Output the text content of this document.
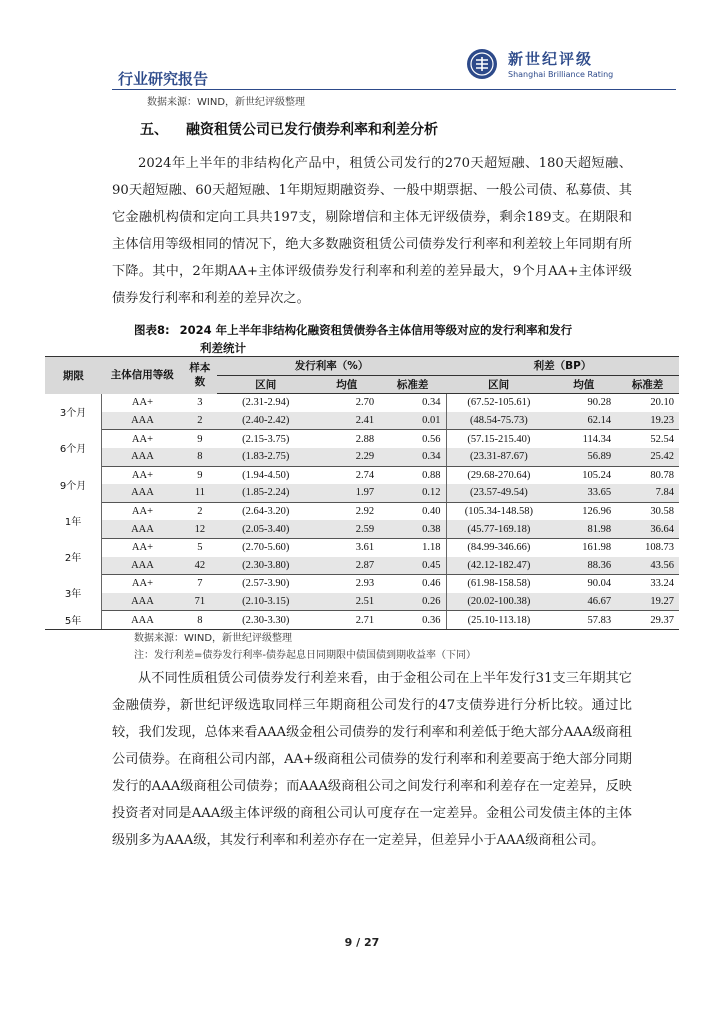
行业研究报告
新世纪评级
Shanghai Brilliance Rating
数据来源：WIND，新世纪评级整理
五、 融资租赁公司已发行债券利率和利差分析
2024年上半年的非结构化产品中，租赁公司发行的270天超短融、180天超短融、90天超短融、60天超短融、1年期短期融资券、一般中期票据、一般公司债、私募债、其它金融机构债和定向工具共197支，剔除增信和主体无评级债券，剩余189支。在期限和主体信用等级相同的情况下，绝大多数融资租赁公司债券发行利率和利差较上年同期有所下降。其中，2年期AA+主体评级债券发行利率和利差的差异最大，9个月AA+主体评级债券发行利率和利差的差异次之。
图表8: 2024 年上半年非结构化融资租赁债券各主体信用等级对应的发行利率和发行
利差统计
期限	主体信用等级	样本数	发行利率（%）			利差（BP）		
			区间	均值	标准差	区间	均值	标准差
3个月	AA+	3	(2.31-2.94)	2.70	0.34	(67.52-105.61)	90.28	20.10
	AAA	2	(2.40-2.42)	2.41	0.01	(48.54-75.73)	62.14	19.23
6个月	AA+	9	(2.15-3.75)	2.88	0.56	(57.15-215.40)	114.34	52.54
	AAA	8	(1.83-2.75)	2.29	0.34	(23.31-87.67)	56.89	25.42
9个月	AA+	9	(1.94-4.50)	2.74	0.88	(29.68-270.64)	105.24	80.78
	AAA	11	(1.85-2.24)	1.97	0.12	(23.57-49.54)	33.65	7.84
1年	AA+	2	(2.64-3.20)	2.92	0.40	(105.34-148.58)	126.96	30.58
	AAA	12	(2.05-3.40)	2.59	0.38	(45.77-169.18)	81.98	36.64
2年	AA+	5	(2.70-5.60)	3.61	1.18	(84.99-346.66)	161.98	108.73
	AAA	42	(2.30-3.80)	2.87	0.45	(42.12-182.47)	88.36	43.56
3年	AA+	7	(2.57-3.90)	2.93	0.46	(61.98-158.58)	90.04	33.24
	AAA	71	(2.10-3.15)	2.51	0.26	(20.02-100.38)	46.67	19.27
5年	AAA	8	(2.30-3.30)	2.71	0.36	(25.10-113.18)	57.83	29.37
数据来源：WIND，新世纪评级整理
注：发行利差=债券发行利率-债券起息日同期限中债国债到期收益率（下同）
从不同性质租赁公司债券发行利差来看，由于金租公司在上半年发行31支三年期其它金融债券，新世纪评级选取同样三年期商租公司发行的47支债券进行分析比较。通过比较，我们发现，总体来看AAA级金租公司债券的发行利率和利差低于绝大部分AAA级商租公司债券。在商租公司内部，AA+级商租公司债券的发行利率和利差要高于绝大部分同期发行的AAA级商租公司债券；而AAA级商租公司之间发行利率和利差存在一定差异，反映投资者对同是AAA级主体评级的商租公司认可度存在一定差异。金租公司发债主体的主体级别多为AAA级，其发行利率和利差亦存在一定差异，但差异小于AAA级商租公司。
9 / 27
